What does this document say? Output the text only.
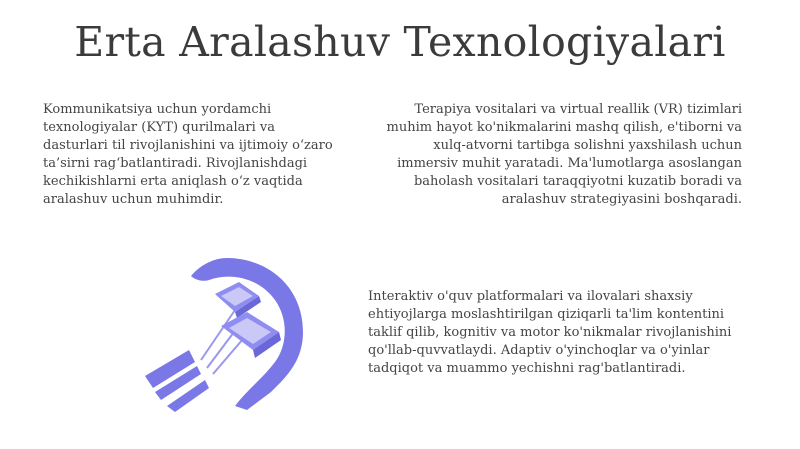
Erta Aralashuv Texnologiyalari

Kommunikatsiya uchun yordamchi texnologiyalar (KYT) qurilmalari va dasturlari til rivojlanishini va ijtimoiy o‘zaro ta’sirni rag‘batlantiradi. Rivojlanishdagi kechikishlarni erta aniqlash o‘z vaqtida aralashuv uchun muhimdir.

Terapiya vositalari va virtual reallik (VR) tizimlari muhim hayot ko'nikmalarini mashq qilish, e'tiborni va xulq-atvorni tartibga solishni yaxshilash uchun immersiv muhit yaratadi. Ma'lumotlarga asoslangan baholash vositalari taraqqiyotni kuzatib boradi va aralashuv strategiyasini boshqaradi.

Interaktiv o'quv platformalari va ilovalari shaxsiy ehtiyojlarga moslashtirilgan qiziqarli ta'lim kontentini taklif qilib, kognitiv va motor ko'nikmalar rivojlanishini qo'llab-quvvatlaydi. Adaptiv o'yinchoqlar va o'yinlar tadqiqot va muammo yechishni rag'batlantiradi.
